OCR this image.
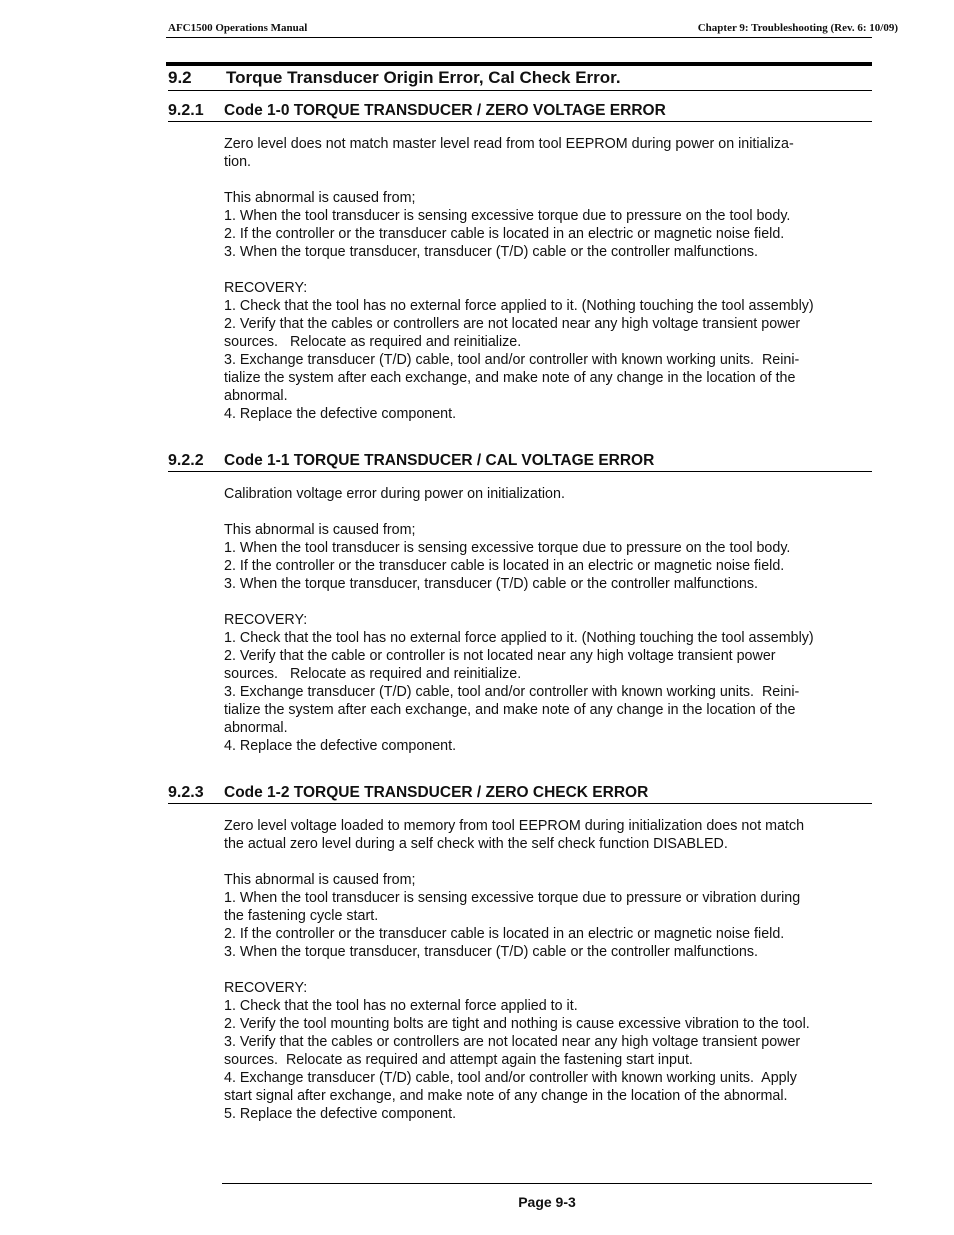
AFC1500 Operations Manual	Chapter 9: Troubleshooting (Rev. 6: 10/09)
9.2 Torque Transducer Origin Error, Cal Check Error.
9.2.1 Code 1-0 TORQUE TRANSDUCER / ZERO VOLTAGE ERROR

Zero level does not match master level read from tool EEPROM during power on initializa-

tion.

This abnormal is caused from;

1. When the tool transducer is sensing excessive torque due to pressure on the tool body.

2. If the controller or the transducer cable is located in an electric or magnetic noise field.

3. When the torque transducer, transducer (T/D) cable or the controller malfunctions.

RECOVERY:

1. Check that the tool has no external force applied to it. (Nothing touching the tool assembly)

2. Verify that the cables or controllers are not located near any high voltage transient power

sources.   Relocate as required and reinitialize.

3. Exchange transducer (T/D) cable, tool and/or controller with known working units.  Reini-

tialize the system after each exchange, and make note of any change in the location of the

abnormal.

4. Replace the defective component.

9.2.2 Code 1-1 TORQUE TRANSDUCER / CAL VOLTAGE ERROR

Calibration voltage error during power on initialization.

This abnormal is caused from;

1. When the tool transducer is sensing excessive torque due to pressure on the tool body.

2. If the controller or the transducer cable is located in an electric or magnetic noise field.

3. When the torque transducer, transducer (T/D) cable or the controller malfunctions.

RECOVERY:

1. Check that the tool has no external force applied to it. (Nothing touching the tool assembly)

2. Verify that the cable or controller is not located near any high voltage transient power

sources.   Relocate as required and reinitialize.

3. Exchange transducer (T/D) cable, tool and/or controller with known working units.  Reini-

tialize the system after each exchange, and make note of any change in the location of the

abnormal.

4. Replace the defective component.

9.2.3 Code 1-2 TORQUE TRANSDUCER / ZERO CHECK ERROR

Zero level voltage loaded to memory from tool EEPROM during initialization does not match

the actual zero level during a self check with the self check function DISABLED.

This abnormal is caused from;

1. When the tool transducer is sensing excessive torque due to pressure or vibration during

the fastening cycle start.

2. If the controller or the transducer cable is located in an electric or magnetic noise field.

3. When the torque transducer, transducer (T/D) cable or the controller malfunctions.

RECOVERY:

1. Check that the tool has no external force applied to it.

2. Verify the tool mounting bolts are tight and nothing is cause excessive vibration to the tool.

3. Verify that the cables or controllers are not located near any high voltage transient power

sources.  Relocate as required and attempt again the fastening start input.

4. Exchange transducer (T/D) cable, tool and/or controller with known working units.  Apply

start signal after exchange, and make note of any change in the location of the abnormal.

5. Replace the defective component.

Page 9-3
